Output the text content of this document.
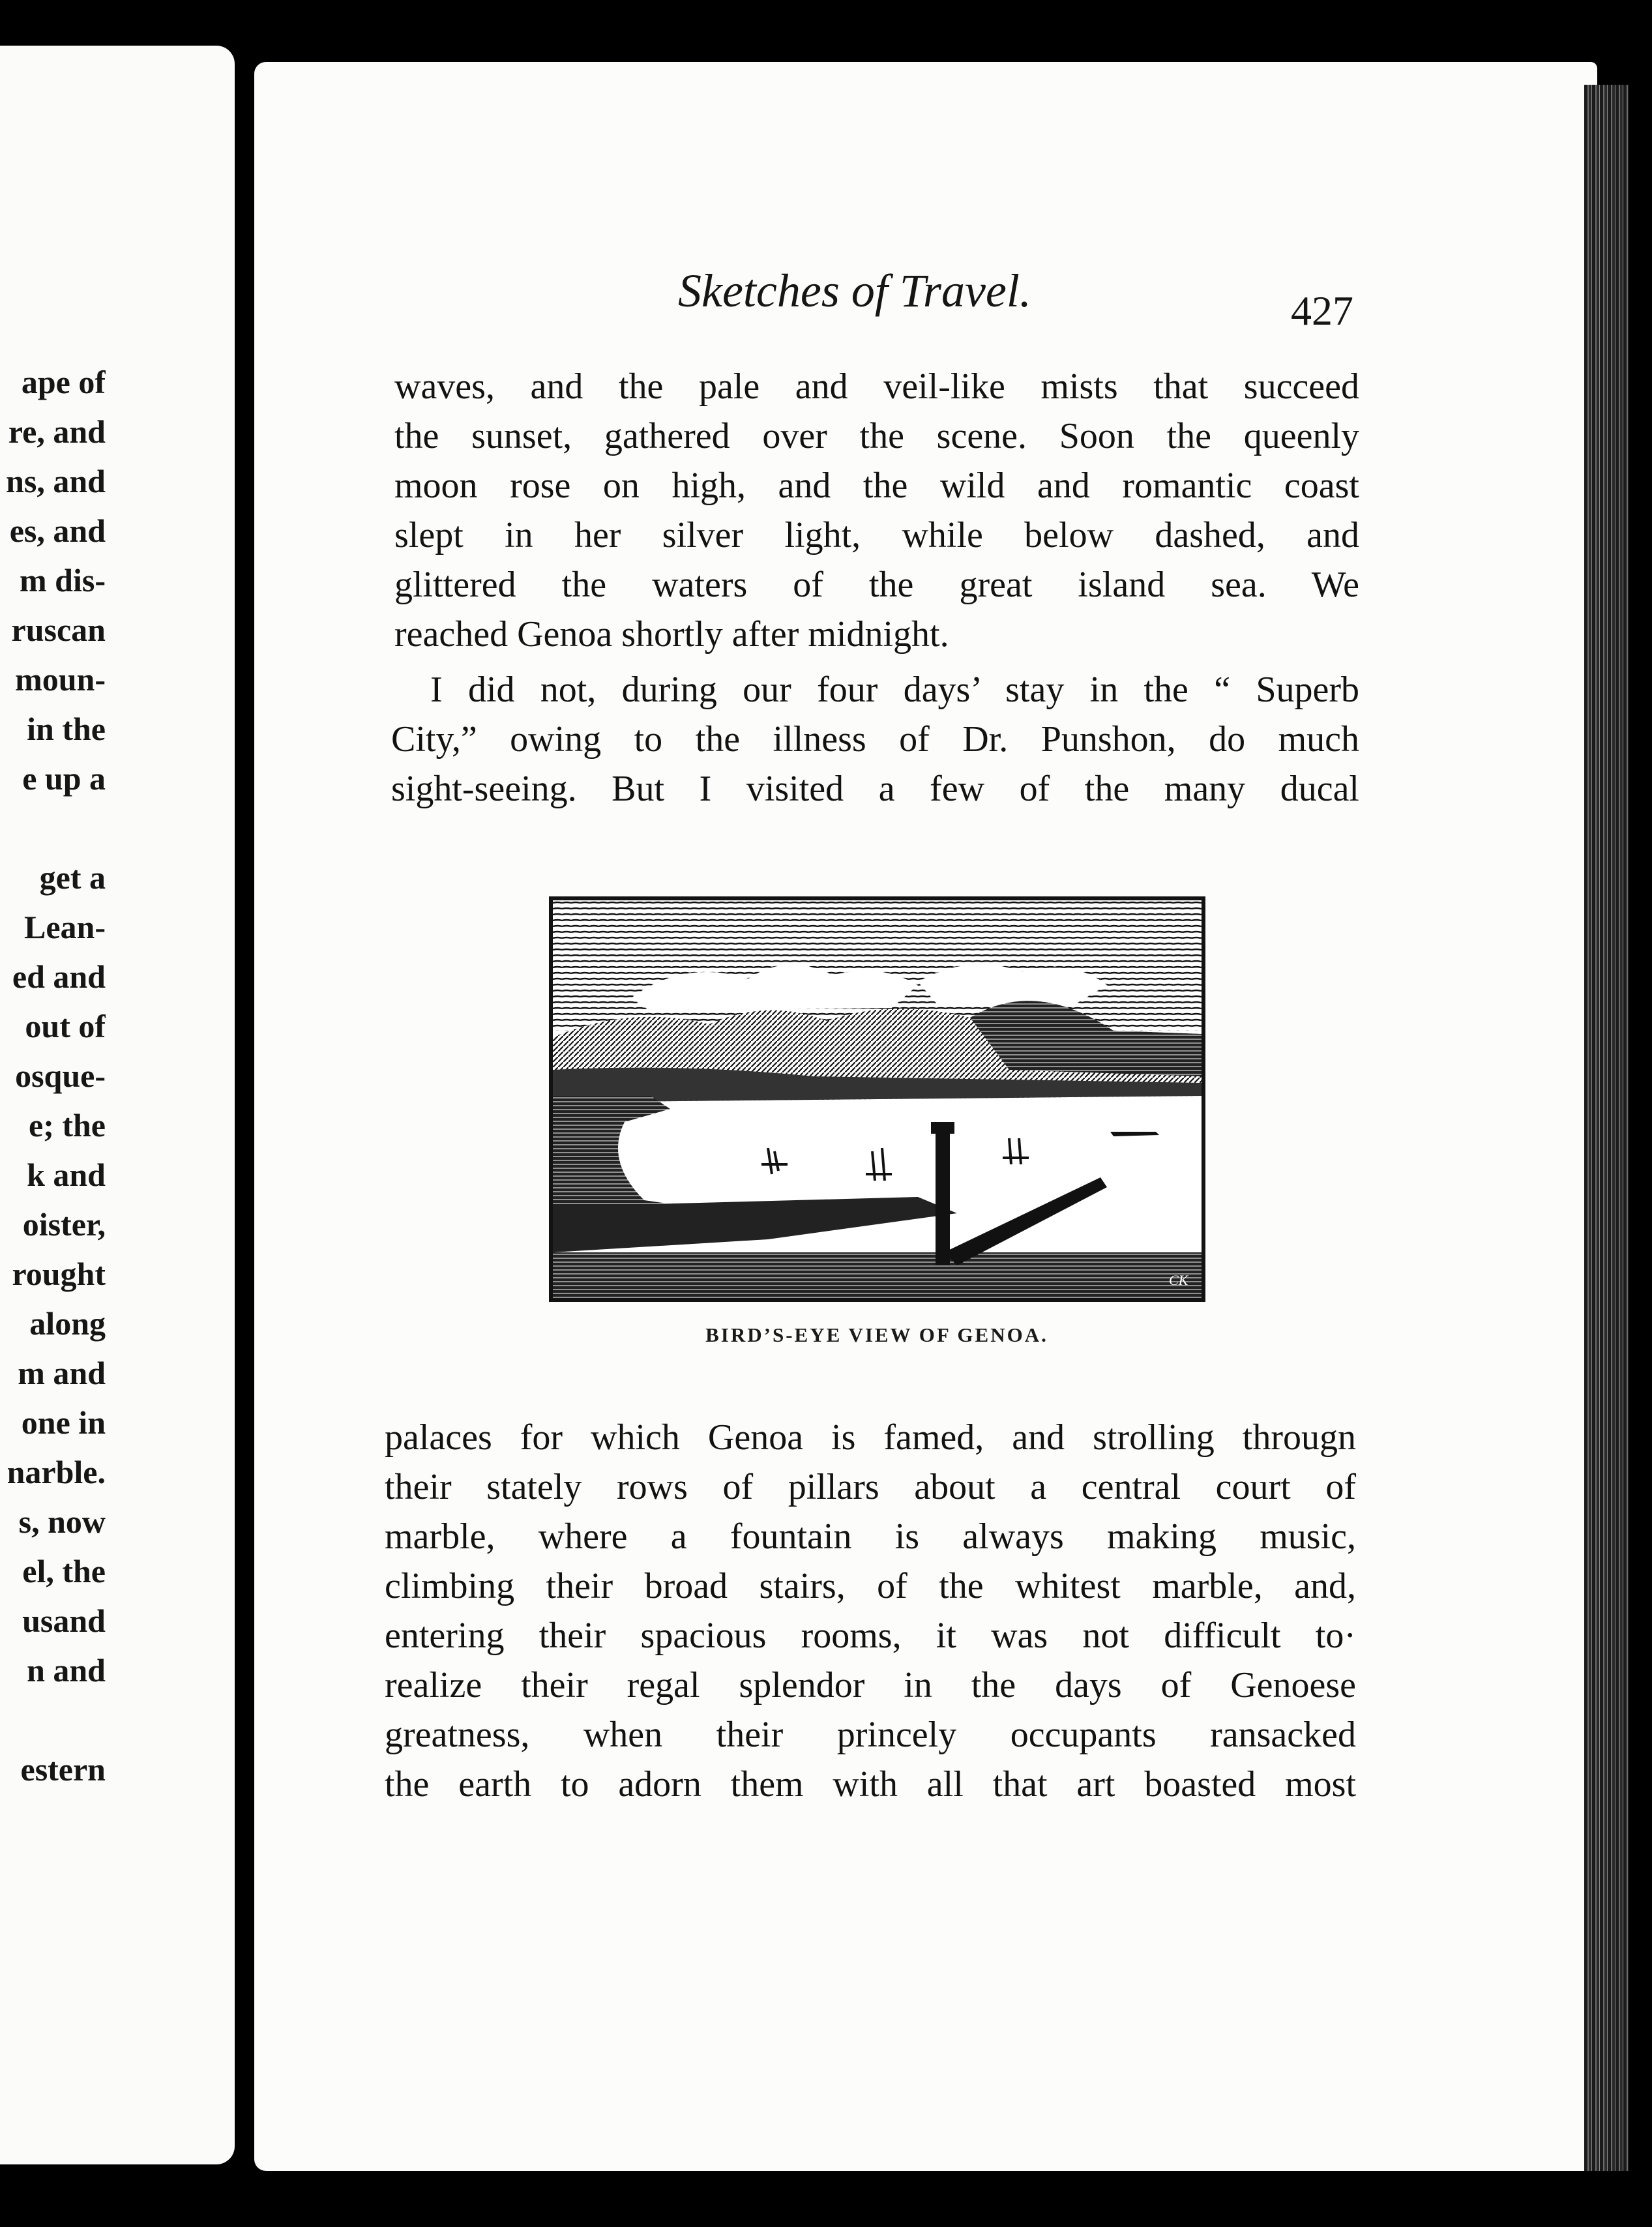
ape of
re, and
ns, and
es, and
m dis-
ruscan
moun-
in the
e up a
get a
Lean-
ed and
out of
osque-
e; the
k and
oister,
rought
along
m and
one in
narble.
s, now
el, the
usand
n and
estern
Sketches of Travel.	427
waves, and the pale and veil-like mists that succeed
the sunset, gathered over the scene. Soon the queenly
moon rose on high, and the wild and romantic coast
slept in her silver light, while below dashed, and
glittered the waters of the great island sea. We
reached Genoa shortly after midnight.
I did not, during our four days’ stay in the “ Superb
City,” owing to the illness of Dr. Punshon, do much
sight-seeing. But I visited a few of the many ducal
CK
BIRD’S-EYE VIEW OF GENOA.
palaces for which Genoa is famed, and strolling througn
their stately rows of pillars about a central court of
marble, where a fountain is always making music,
climbing their broad stairs, of the whitest marble, and,
entering their spacious rooms, it was not difficult to·
realize their regal splendor in the days of Genoese
greatness, when their princely occupants ransacked
the earth to adorn them with all that art boasted most
